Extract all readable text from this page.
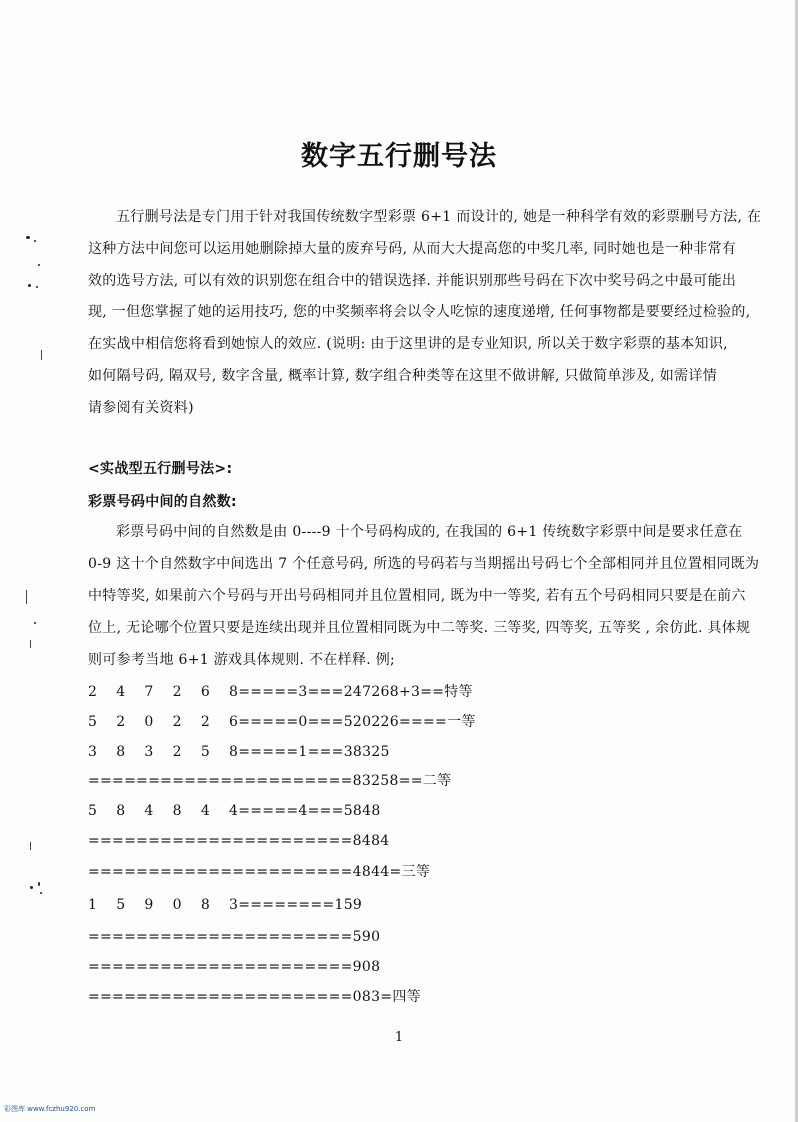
数字五行删号法
五行删号法是专门用于针对我国传统数字型彩票 6+1 而设计的, 她是一种科学有效的彩票删号方法, 在
这种方法中间您可以运用她删除掉大量的废弃号码, 从而大大提高您的中奖几率, 同时她也是一种非常有
效的选号方法, 可以有效的识别您在组合中的错误选择. 并能识别那些号码在下次中奖号码之中最可能出
现, 一但您掌握了她的运用技巧, 您的中奖频率将会以令人吃惊的速度递增, 任何事物都是要要经过检验的,
在实战中相信您将看到她惊人的效应. (说明: 由于这里讲的是专业知识, 所以关于数字彩票的基本知识,
如何隔号码, 隔双号, 数字含量, 概率计算, 数字组合种类等在这里不做讲解, 只做简单涉及, 如需详情
请参阅有关资料)
<实战型五行删号法>:
彩票号码中间的自然数:
彩票号码中间的自然数是由 0----9 十个号码构成的, 在我国的 6+1 传统数字彩票中间是要求任意在
0-9 这十个自然数字中间选出 7 个任意号码, 所选的号码若与当期摇出号码七个全部相同并且位置相同既为
中特等奖, 如果前六个号码与开出号码相同并且位置相同, 既为中一等奖, 若有五个号码相同只要是在前六
位上, 无论哪个位置只要是连续出现并且位置相同既为中二等奖. 三等奖, 四等奖, 五等奖 , 余仿此. 具体规
则可参考当地 6+1 游戏具体规则. 不在样释. 例;
2    4    7    2    6    8=====3===247268+3==特等
5    2    0    2    2    6=====0===520226====一等
3    8    3    2    5    8=====1===38325
======================83258==二等
5    8    4    8    4    4=====4===5848
======================8484
======================4844=三等
1    5    9    0    8    3========159
======================590
======================908
======================083=四等
1
彩图库 www.fczhu920.com
